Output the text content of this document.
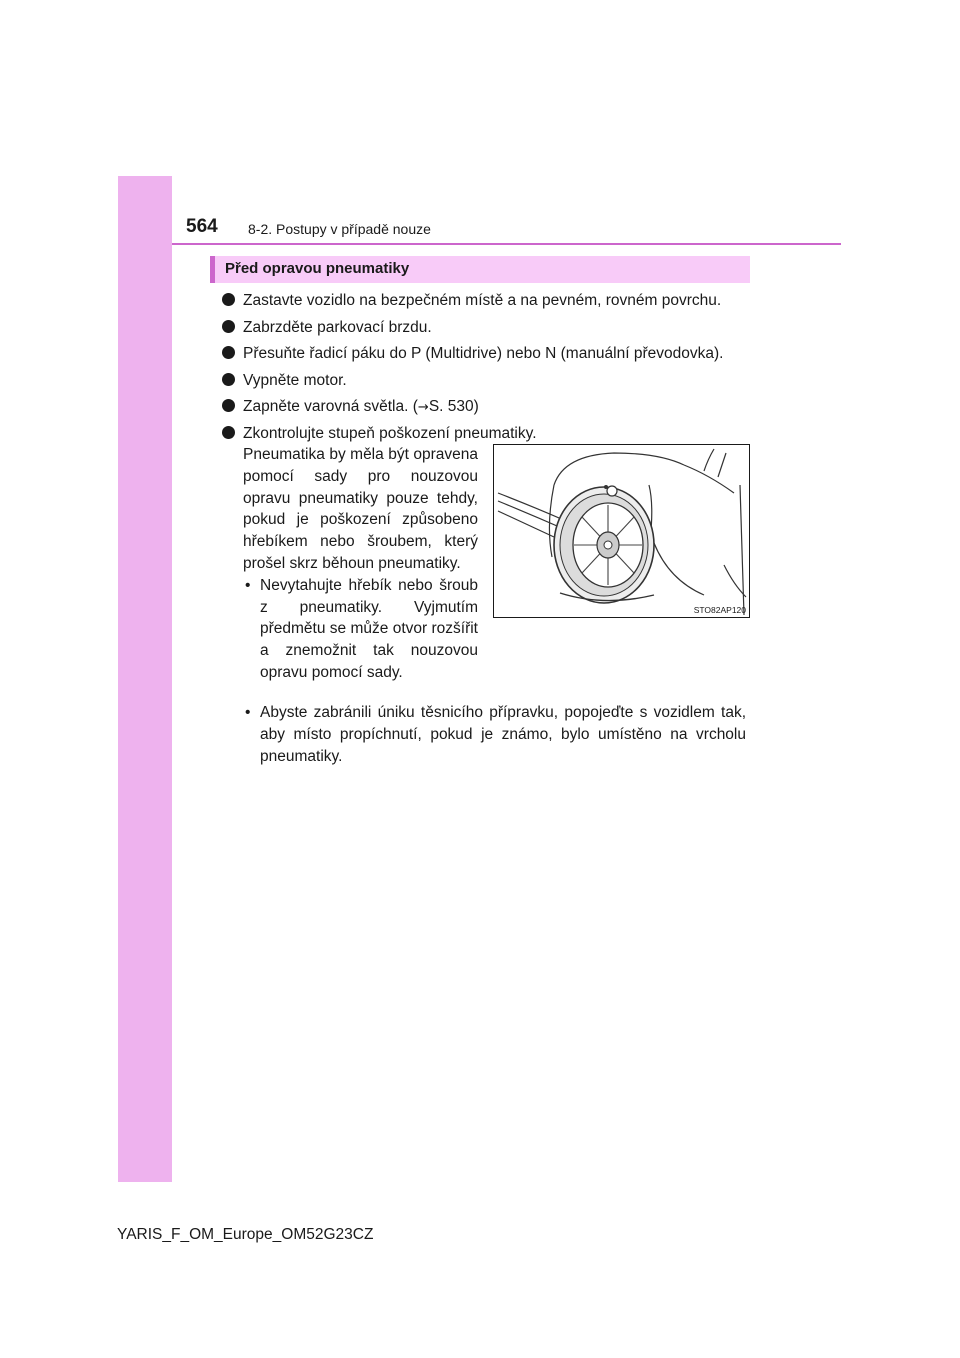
564 8-2. Postupy v případě nouze
Před opravou pneumatiky
Zastavte vozidlo na bezpečném místě a na pevném, rovném povrchu.
Zabrzděte parkovací brzdu.
Přesuňte řadicí páku do P (Multidrive) nebo N (manuální převodovka).
Vypněte motor.
Zapněte varovná světla. (→S. 530)
Zkontrolujte stupeň poškození pneumatiky.
Pneumatika by měla být opravena pomocí sady pro nouzovou opravu pneumatiky pouze tehdy, pokud je poškození způsobeno hřebíkem nebo šroubem, který prošel skrz běhoun pneumatiky.
• Nevytahujte hřebík nebo šroub z pneumatiky. Vyjmutím předmětu se může otvor rozšířit a znemožnit tak nouzovou opravu pomocí sady.
• Abyste zabránili úniku těsnicího přípravku, popojeďte s vozidlem tak, aby místo propíchnutí, pokud je známo, bylo umístěno na vrcholu pneumatiky.
STO82AP120
YARIS_F_OM_Europe_OM52G23CZ
